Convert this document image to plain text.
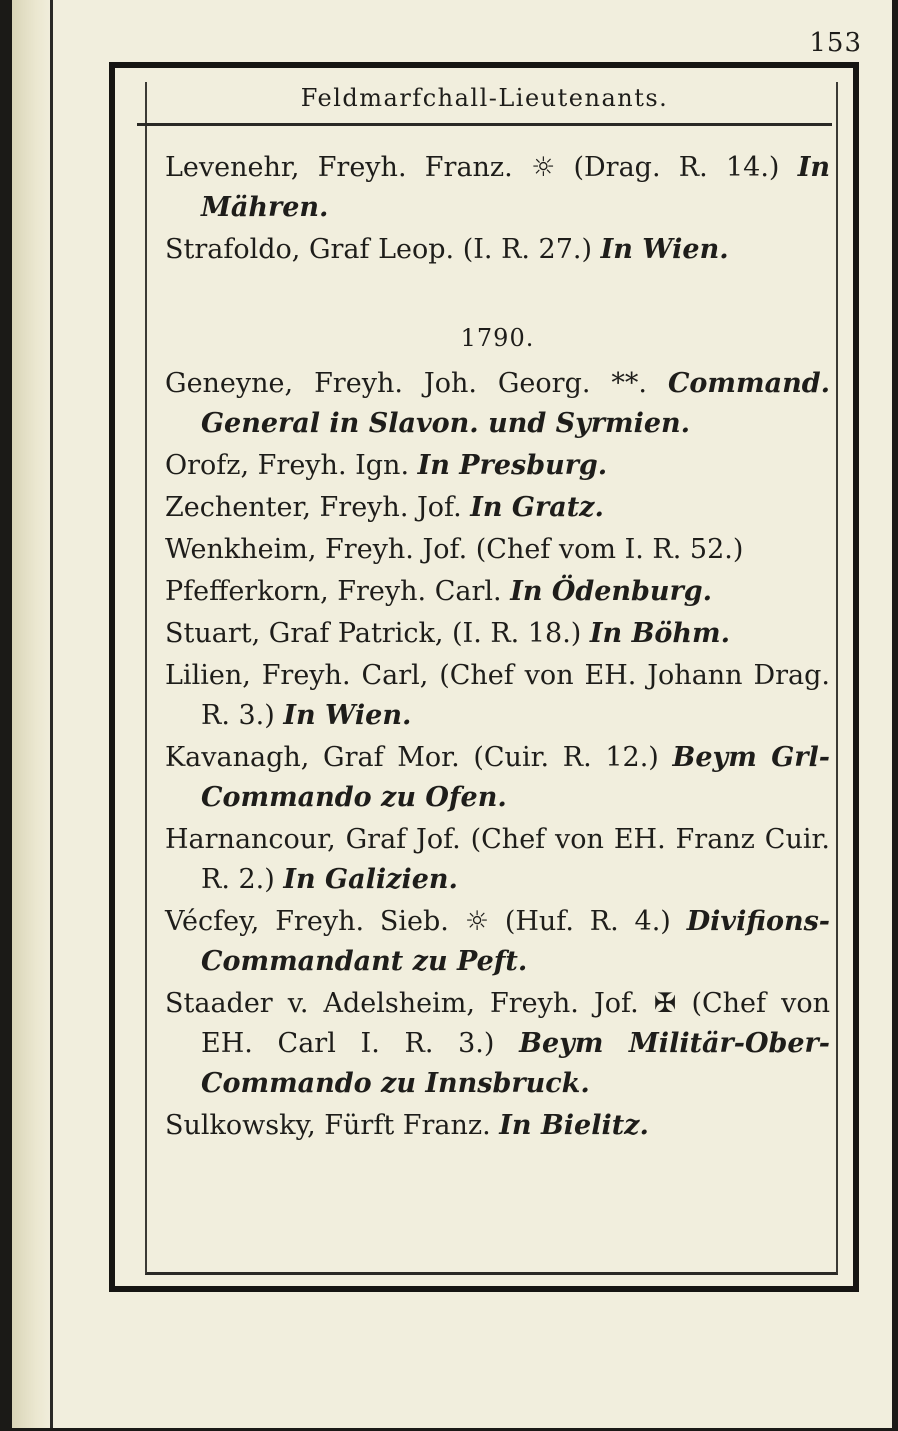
153
Feldmarfchall-Lieutenants.
Levenehr, Freyh. Franz. ☼ (Drag. R. 14.) In Mähren.
Strafoldo, Graf Leop. (I. R. 27.) In Wien.
1790.
Geneyne, Freyh. Joh. Georg. **. Command. General in Slavon. und Syrmien.
Orofz, Freyh. Ign. In Presburg.
Zechenter, Freyh. Jof. In Gratz.
Wenkheim, Freyh. Jof. (Chef vom I. R. 52.)
Pfefferkorn, Freyh. Carl. In Ödenburg.
Stuart, Graf Patrick, (I. R. 18.) In Böhm.
Lilien, Freyh. Carl, (Chef von EH. Johann Drag. R. 3.) In Wien.
Kavanagh, Graf Mor. (Cuir. R. 12.) Beym Grl-Commando zu Ofen.
Harnancour, Graf Jof. (Chef von EH. Franz Cuir. R. 2.) In Galizien.
Vécfey, Freyh. Sieb. ☼ (Huf. R. 4.) Divifions-Commandant zu Peft.
Staader v. Adelsheim, Freyh. Jof. ✠ (Chef von EH. Carl I. R. 3.) Beym Militär-Ober-Commando zu Innsbruck.
Sulkowsky, Fürft Franz. In Bielitz.
